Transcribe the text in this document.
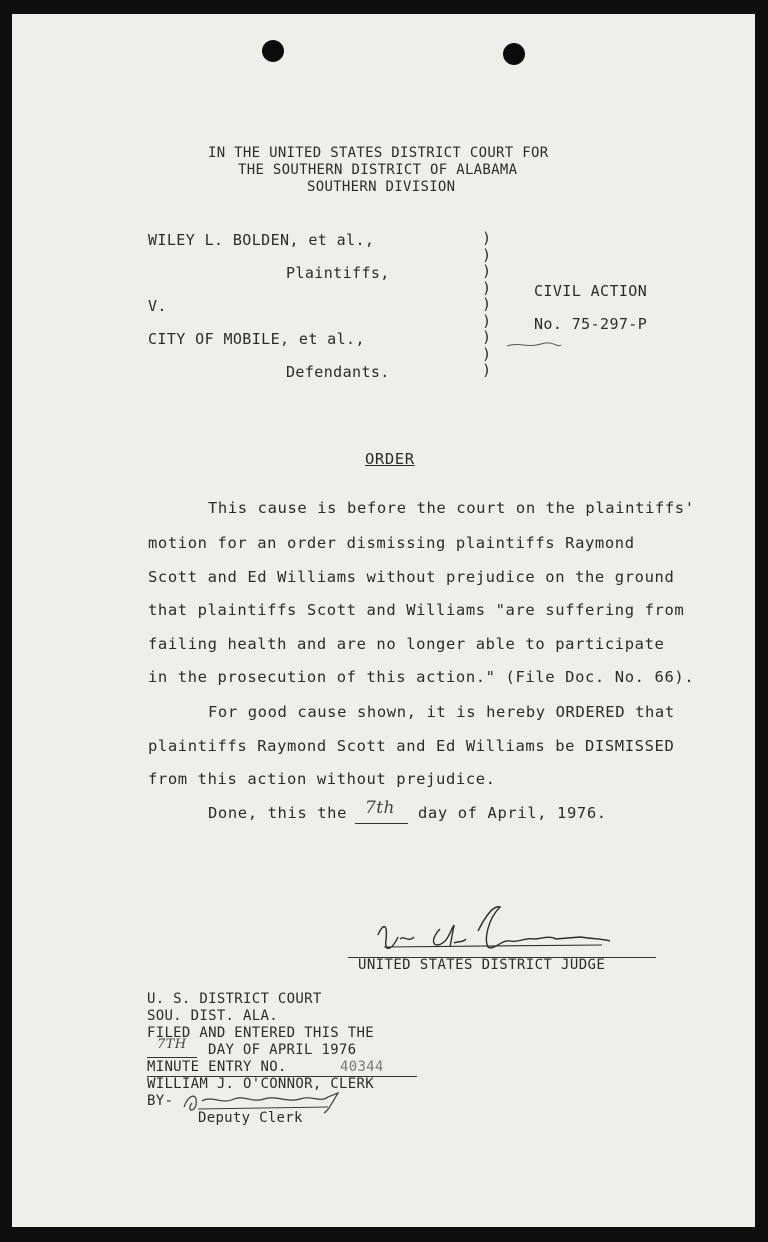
IN THE UNITED STATES DISTRICT COURT FOR
THE SOUTHERN DISTRICT OF ALABAMA
SOUTHERN DIVISION
WILEY L. BOLDEN, et al.,
Plaintiffs,
V.
CITY OF MOBILE, et al.,
Defendants.
)
)
)
)
)
)
)
)
)
CIVIL ACTION
No. 75-297-P
ORDER
This cause is before the court on the plaintiffs'
motion for an order dismissing plaintiffs Raymond
Scott and Ed Williams without prejudice on the ground
that plaintiffs Scott and Williams "are suffering from
failing health and are no longer able to participate
in the prosecution of this action." (File Doc. No. 66).
For good cause shown, it is hereby ORDERED that
plaintiffs Raymond Scott and Ed Williams be DISMISSED
from this action without prejudice.
Done, this the 7th day of April, 1976.
UNITED STATES DISTRICT JUDGE
U. S. DISTRICT COURT
SOU. DIST. ALA.
FILED AND ENTERED THIS THE
7TH DAY OF APRIL 1976
MINUTE ENTRY NO.	40344
WILLIAM J. O'CONNOR, CLERK
BY-
Deputy Clerk
